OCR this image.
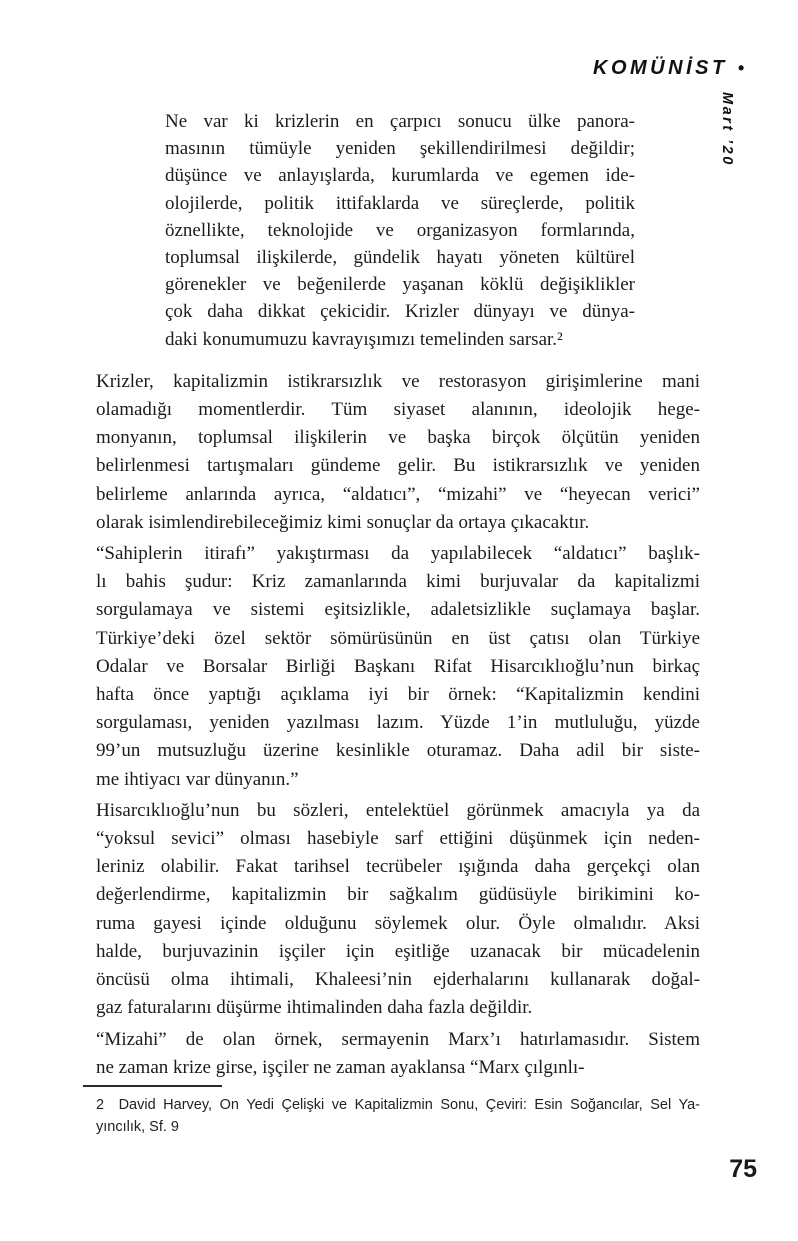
KOMÜNİST •
Mart ’20
Ne var ki krizlerin en çarpıcı sonucu ülke panora-
masının tümüyle yeniden şekillendirilmesi değildir;
düşünce ve anlayışlarda, kurumlarda ve egemen ide-
olojilerde, politik ittifaklarda ve süreçlerde, politik
öznellikte, teknolojide ve organizasyon formlarında,
toplumsal ilişkilerde, gündelik hayatı yöneten kültürel
görenekler ve beğenilerde yaşanan köklü değişiklikler
çok daha dikkat çekicidir. Krizler dünyayı ve dünya-
daki konumumuzu kavrayışımızı temelinden sarsar.²
Krizler, kapitalizmin istikrarsızlık ve restorasyon girişimlerine mani
olamadığı momentlerdir. Tüm siyaset alanının, ideolojik hege-
monyanın, toplumsal ilişkilerin ve başka birçok ölçütün yeniden
belirlenmesi tartışmaları gündeme gelir. Bu istikrarsızlık ve yeniden
belirleme anlarında ayrıca, “aldatıcı”, “mizahi” ve “heyecan verici”
olarak isimlendirebileceğimiz kimi sonuçlar da ortaya çıkacaktır.
“Sahiplerin itirafı” yakıştırması da yapılabilecek “aldatıcı” başlık-
lı bahis şudur: Kriz zamanlarında kimi burjuvalar da kapitalizmi
sorgulamaya ve sistemi eşitsizlikle, adaletsizlikle suçlamaya başlar.
Türkiye’deki özel sektör sömürüsünün en üst çatısı olan Türkiye
Odalar ve Borsalar Birliği Başkanı Rifat Hisarcıklıoğlu’nun birkaç
hafta önce yaptığı açıklama iyi bir örnek: “Kapitalizmin kendini
sorgulaması, yeniden yazılması lazım. Yüzde 1’in mutluluğu, yüzde
99’un mutsuzluğu üzerine kesinlikle oturamaz. Daha adil bir siste-
me ihtiyacı var dünyanın.”
Hisarcıklıoğlu’nun bu sözleri, entelektüel görünmek amacıyla ya da
“yoksul sevici” olması hasebiyle sarf ettiğini düşünmek için neden-
leriniz olabilir. Fakat tarihsel tecrübeler ışığında daha gerçekçi olan
değerlendirme, kapitalizmin bir sağkalım güdüsüyle birikimini ko-
ruma gayesi içinde olduğunu söylemek olur. Öyle olmalıdır. Aksi
halde, burjuvazinin işçiler için eşitliğe uzanacak bir mücadelenin
öncüsü olma ihtimali, Khaleesi’nin ejderhalarını kullanarak doğal-
gaz faturalarını düşürme ihtimalinden daha fazla değildir.
“Mizahi” de olan örnek, sermayenin Marx’ı hatırlamasıdır. Sistem
ne zaman krize girse, işçiler ne zaman ayaklansa “Marx çılgınlı-
2 David Harvey, On Yedi Çelişki ve Kapitalizmin Sonu, Çeviri: Esin Soğancılar, Sel Ya-
yıncılık, Sf. 9
75
